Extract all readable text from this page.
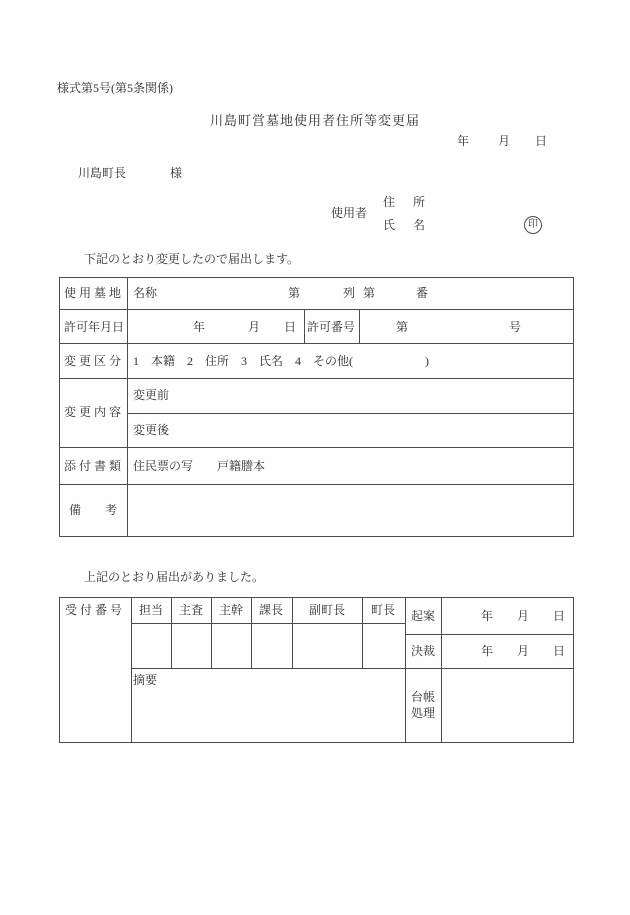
様式第5号(第5条関係)
川島町営墓地使用者住所等変更届
年 月 日
川島町長	様
使用者
住 所
氏 名	印
下記のとおり変更したので届出します。
使 用 墓 地 名称	第	列 第	番
許可年月日	年	月 日 許可番号	第	号
変 更 区 分 1　本籍　2　住所　3　氏名　4　その他(　　　　　　)
変 更 内 容
変更前
変更後
添 付 書 類 住民票の写　　戸籍謄本
備　　考
上記のとおり届出がありました。
受 付 番 号 担当 主査 主幹 課長 副町長 町長 起案	年　　月　　日
決裁	年　　月　　日
摘要
台帳
処理
